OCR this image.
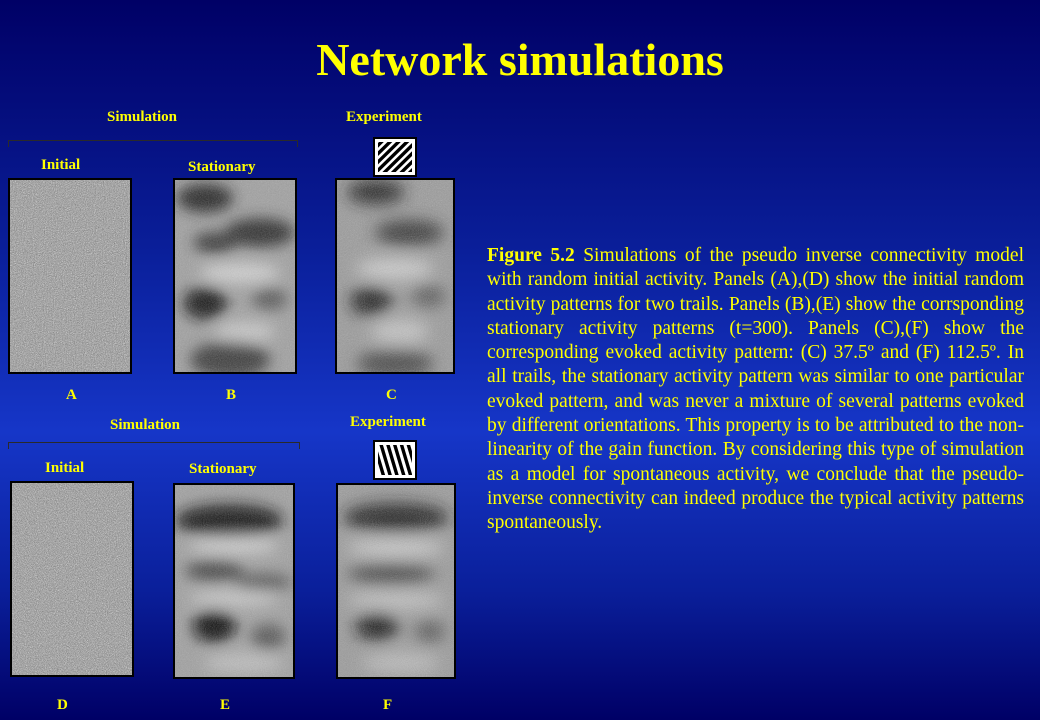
Network simulations
Simulation	Experiment
Initial	Stationary
A	B	C
Simulation	Experiment
Initial	Stationary
D	E	F

Figure 5.2 Simulations of the pseudo inverse connectivity model with random initial activity. Panels (A),(D) show the initial random activity patterns for two trails. Panels (B),(E) show the corrsponding stationary activity patterns (t=300). Panels (C),(F) show the corresponding evoked activity pattern: (C) 37.5º and (F) 112.5º. In all trails, the stationary activity pattern was similar to one particular evoked pattern, and was never a mixture of several patterns evoked by different orientations. This property is to be attributed to the non-linearity of the gain function. By considering this type of simulation as a model for spontaneous activity, we conclude that the pseudo-inverse connectivity can indeed produce the typical activity patterns spontaneously.
